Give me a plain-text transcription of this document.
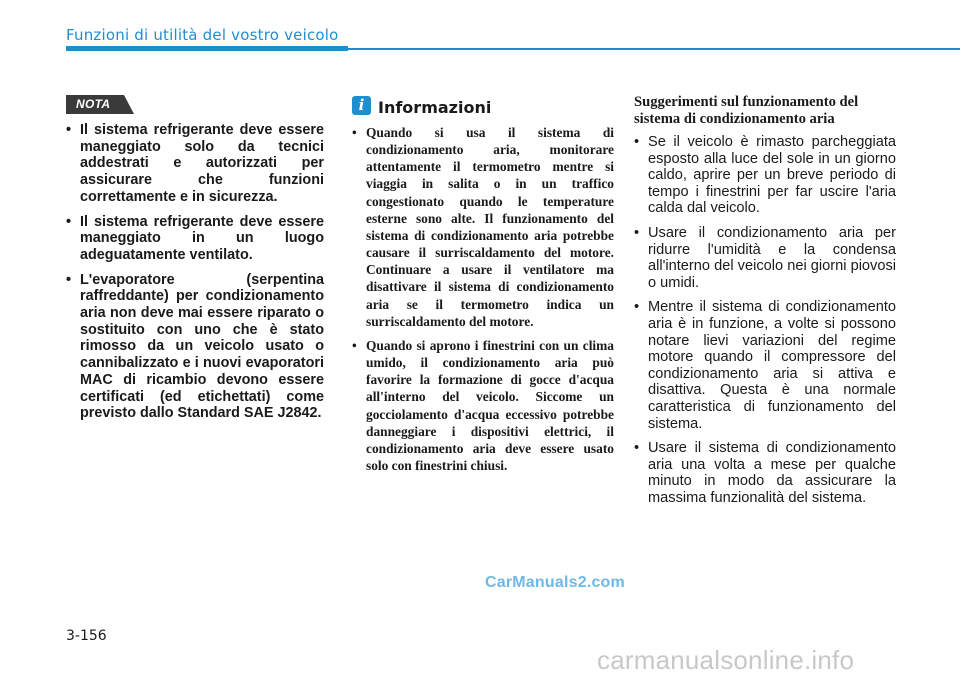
Funzioni di utilità del vostro veicolo
NOTA
• Il sistema refrigerante deve essere maneggiato solo da tecnici addestrati e autorizzati per assicurare che funzioni correttamente e in sicurezza.
• Il sistema refrigerante deve essere maneggiato in un luogo adeguatamente ventilato.
• L'evaporatore (serpentina raffreddante) per condizionamento aria non deve mai essere riparato o sostituito con uno che è stato rimosso da un veicolo usato o cannibalizzato e i nuovi evaporatori MAC di ricambio devono essere certificati (ed etichettati) come previsto dallo Standard SAE J2842.
i Informazioni
• Quando si usa il sistema di condizionamento aria, monitorare attentamente il termometro mentre si viaggia in salita o in un traffico congestionato quando le temperature esterne sono alte. Il funzionamento del sistema di condizionamento aria potrebbe causare il surriscaldamento del motore. Continuare a usare il ventilatore ma disattivare il sistema di condizionamento aria se il termometro indica un surriscaldamento del motore.
• Quando si aprono i finestrini con un clima umido, il condizionamento aria può favorire la formazione di gocce d'acqua all'interno del veicolo. Siccome un gocciolamento d'acqua eccessivo potrebbe danneggiare i dispositivi elettrici, il condizionamento aria deve essere usato solo con finestrini chiusi.
Suggerimenti sul funzionamento del sistema di condizionamento aria
• Se il veicolo è rimasto parcheggiata esposto alla luce del sole in un giorno caldo, aprire per un breve periodo di tempo i finestrini per far uscire l'aria calda dal veicolo.
• Usare il condizionamento aria per ridurre l'umidità e la condensa all'interno del veicolo nei giorni piovosi o umidi.
• Mentre il sistema di condizionamento aria è in funzione, a volte si possono notare lievi variazioni del regime motore quando il compressore del condizionamento aria si attiva e disattiva. Questa è una normale caratteristica di funzionamento del sistema.
• Usare il sistema di condizionamento aria una volta a mese per qualche minuto in modo da assicurare la massima funzionalità del sistema.
CarManuals2.com
3-156
carmanualsonline.info
